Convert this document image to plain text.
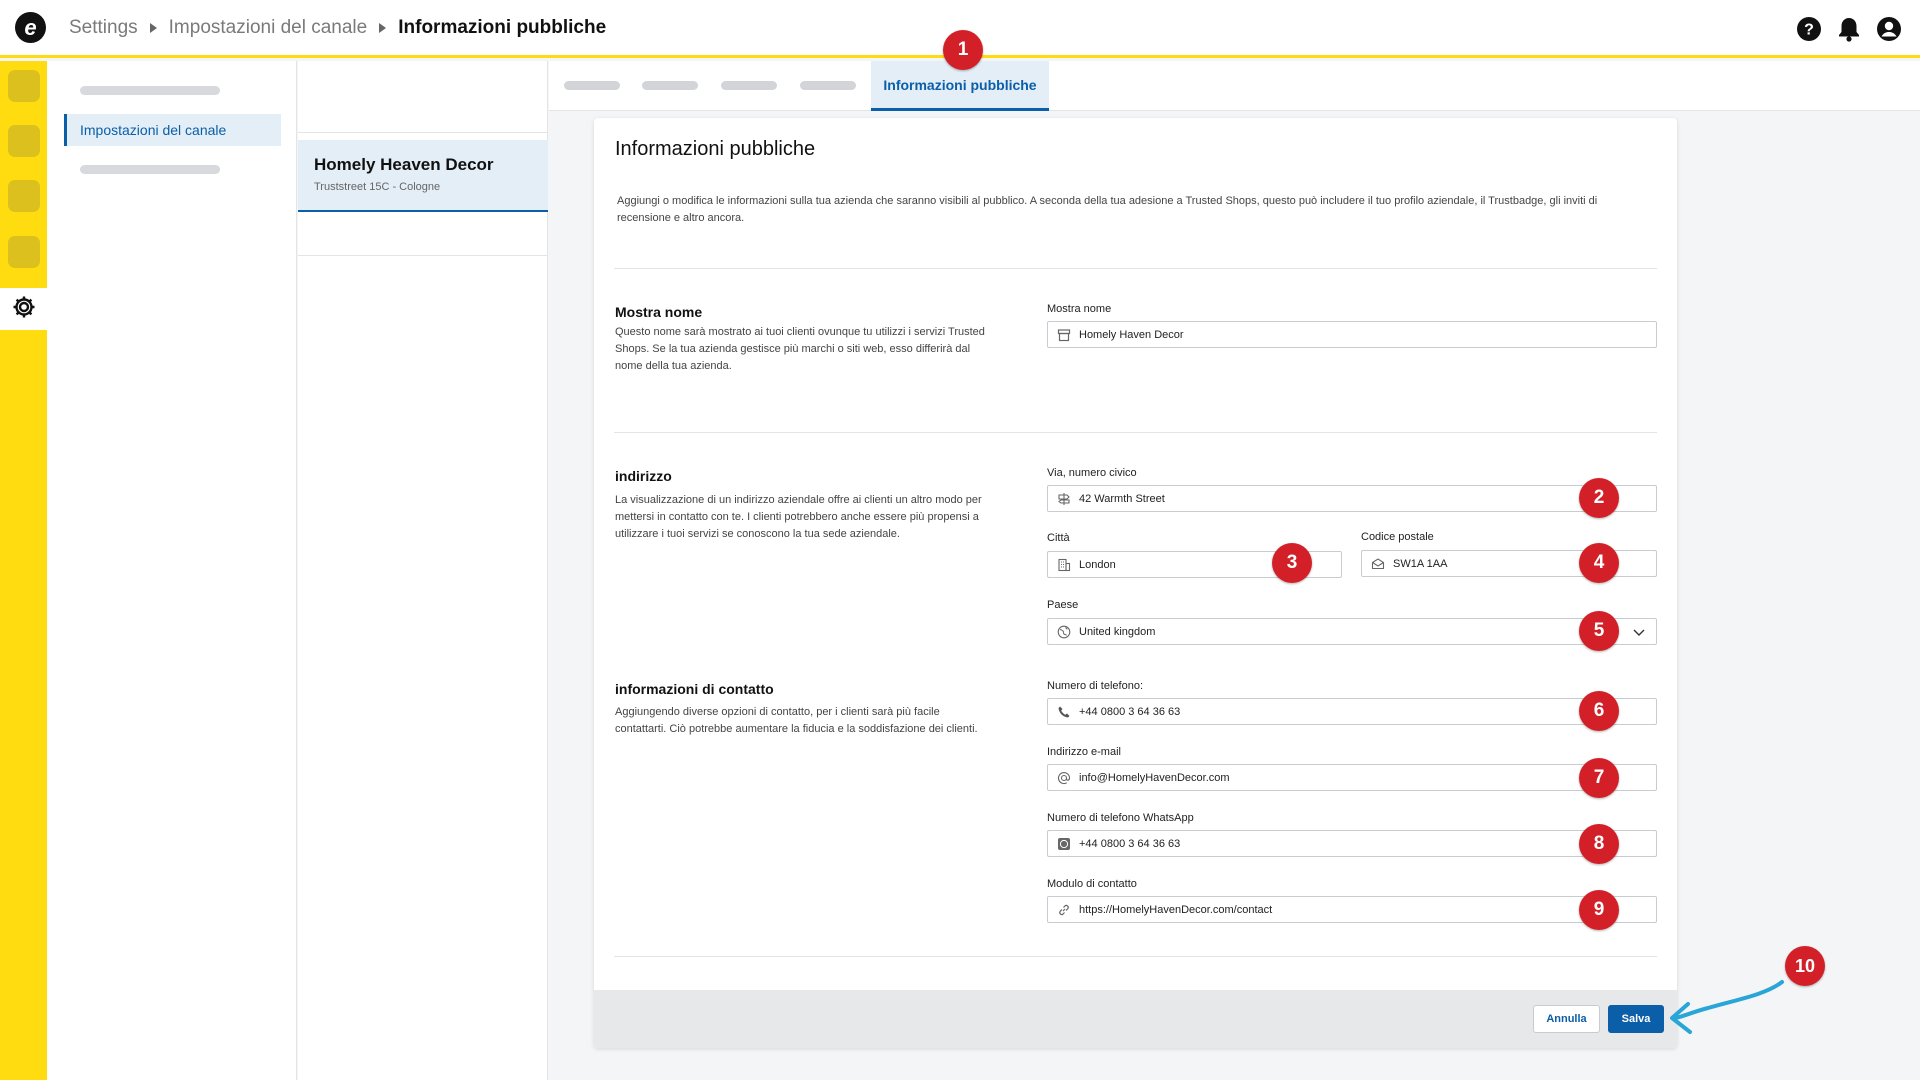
e	Settings Impostazioni del canale Informazioni pubbliche	?
Impostazioni del canale
Homely Heaven Decor
Truststreet 15C - Cologne
Informazioni pubbliche
Informazioni pubbliche
Aggiungi o modifica le informazioni sulla tua azienda che saranno visibili al pubblico. A seconda della tua adesione a Trusted Shops, questo può includere il tuo profilo aziendale, il Trustbadge, gli inviti di recensione e altro ancora.
Mostra nome
Questo nome sarà mostrato ai tuoi clienti ovunque tu utilizzi i servizi Trusted Shops. Se la tua azienda gestisce più marchi o siti web, esso differirà dal nome della tua azienda.
Mostra nome
Homely Haven Decor
indirizzo
La visualizzazione di un indirizzo aziendale offre ai clienti un altro modo per mettersi in contatto con te. I clienti potrebbero anche essere più propensi a utilizzare i tuoi servizi se conoscono la tua sede aziendale.
Via, numero civico
42 Warmth Street
Città
London
Codice postale
SW1A 1AA
Paese
United kingdom
informazioni di contatto
Aggiungendo diverse opzioni di contatto, per i clienti sarà più facile contattarti. Ciò potrebbe aumentare la fiducia e la soddisfazione dei clienti.
Numero di telefono:
+44 0800 3 64 36 63
Indirizzo e-mail
info@HomelyHavenDecor.com
Numero di telefono WhatsApp
+44 0800 3 64 36 63
Modulo di contatto
https://HomelyHavenDecor.com/contact
Annulla	Salva
1
2
3	4
5
6
7
8
9
10
